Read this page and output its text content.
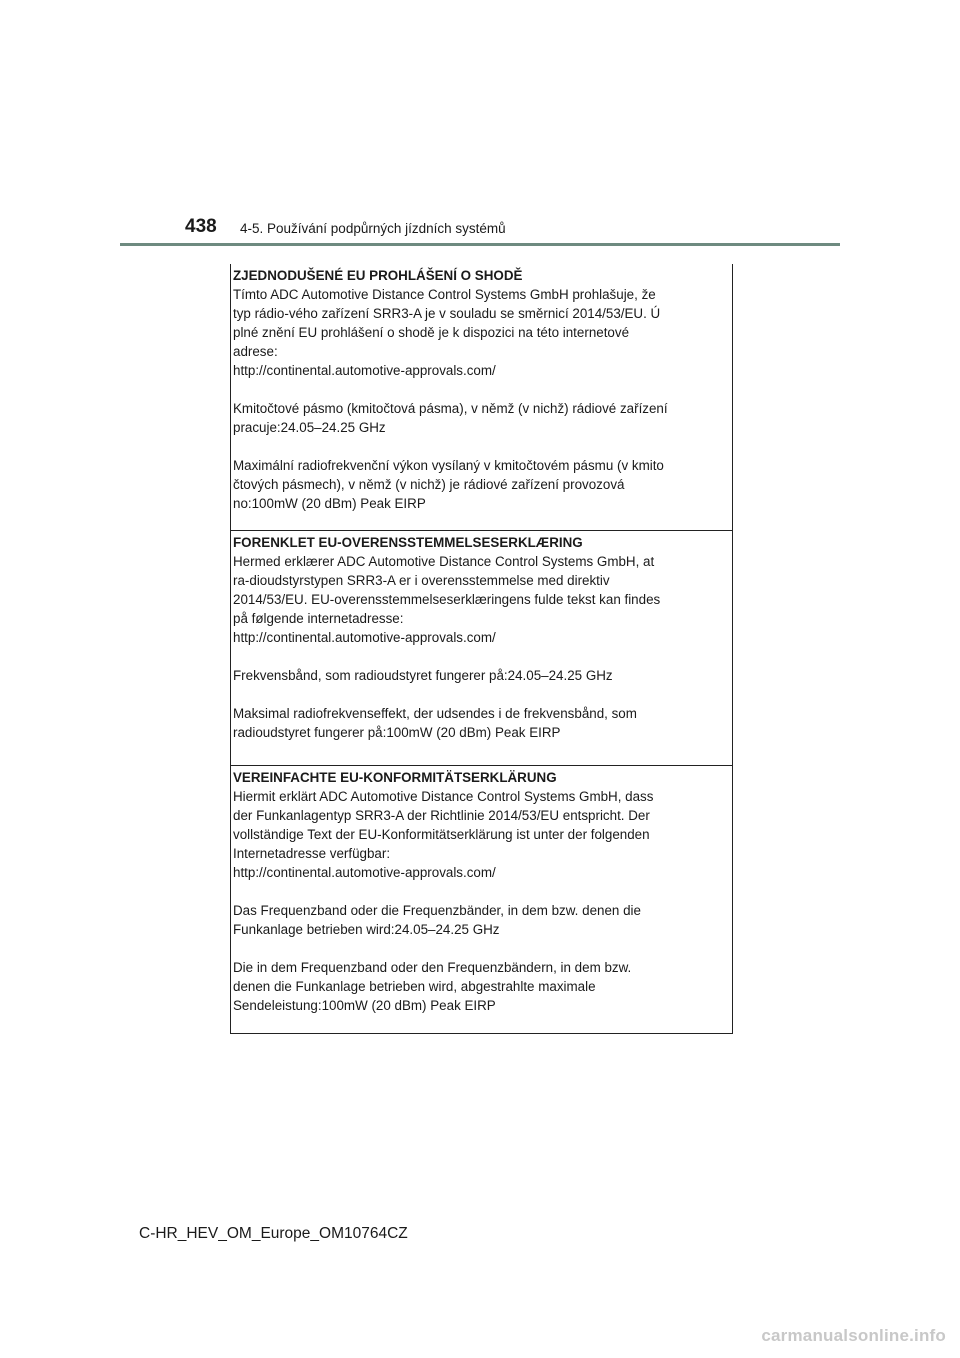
438 4-5. Používání podpůrných jízdních systémů

ZJEDNODUŠENÉ EU PROHLÁŠENÍ O SHODĚ

Tímto ADC Automotive Distance Control Systems GmbH prohlašuje, že
typ rádio-vého zařízení SRR3-A je v souladu se směrnicí 2014/53/EU. Ú
plné znění EU prohlášení o shodě je k dispozici na této internetové
adrese:
http://continental.automotive-approvals.com/

Kmitočtové pásmo (kmitočtová pásma), v němž (v nichž) rádiové zařízení
pracuje:24.05–24.25 GHz

Maximální radiofrekvenční výkon vysílaný v kmitočtovém pásmu (v kmito
čtových pásmech), v němž (v nichž) je rádiové zařízení provozová
no:100mW (20 dBm) Peak EIRP

FORENKLET EU-OVERENSSTEMMELSESERKLÆRING

Hermed erklærer ADC Automotive Distance Control Systems GmbH, at
ra-dioudstyrstypen SRR3-A er i overensstemmelse med direktiv
2014/53/EU. EU-overensstemmelseserklæringens fulde tekst kan findes
på følgende internetadresse:
http://continental.automotive-approvals.com/

Frekvensbånd, som radioudstyret fungerer på:24.05–24.25 GHz

Maksimal radiofrekvenseffekt, der udsendes i de frekvensbånd, som
radioudstyret fungerer på:100mW (20 dBm) Peak EIRP

VEREINFACHTE EU-KONFORMITÄTSERKLÄRUNG

Hiermit erklärt ADC Automotive Distance Control Systems GmbH, dass
der Funkanlagentyp SRR3-A der Richtlinie 2014/53/EU entspricht. Der
vollständige Text der EU-Konformitätserklärung ist unter der folgenden
Internetadresse verfügbar:
http://continental.automotive-approvals.com/

Das Frequenzband oder die Frequenzbänder, in dem bzw. denen die
Funkanlage betrieben wird:24.05–24.25 GHz

Die in dem Frequenzband oder den Frequenzbändern, in dem bzw.
denen die Funkanlage betrieben wird, abgestrahlte maximale
Sendeleistung:100mW (20 dBm) Peak EIRP

C-HR_HEV_OM_Europe_OM10764CZ
carmanualsonline.info
